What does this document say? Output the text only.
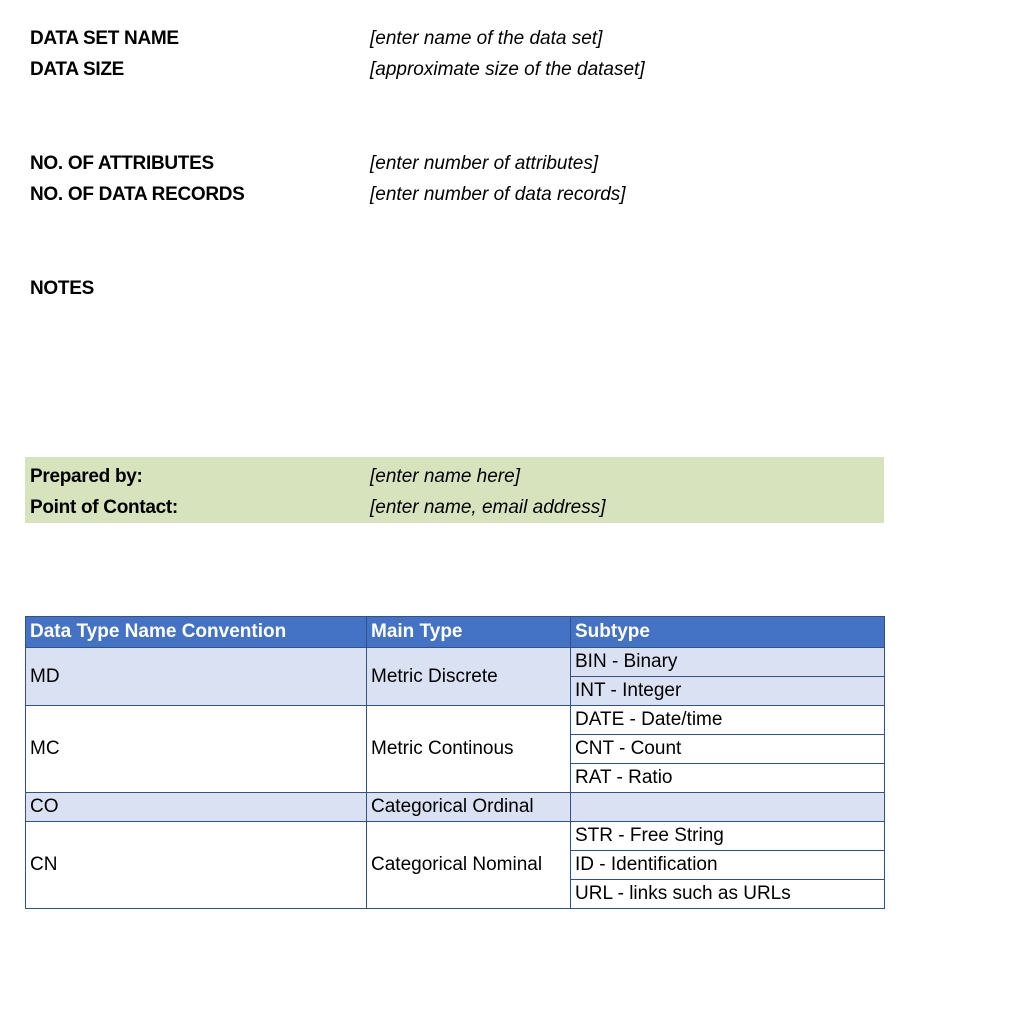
DATA SET NAME	[enter name of the data set]
DATA SIZE	[approximate size of the dataset]
NO. OF ATTRIBUTES	[enter number of attributes]
NO. OF DATA RECORDS	[enter number of data records]
NOTES
Prepared by:	[enter name here]
Point of Contact:	[enter name, email address]
Data Type Name Convention	Main Type	Subtype
MD	Metric Discrete	BIN - Binary
		INT - Integer
MC	Metric Continous	DATE - Date/time
		CNT - Count
		RAT - Ratio
CO	Categorical Ordinal	
CN	Categorical Nominal	STR - Free String
		ID - Identification
		URL - links such as URLs
